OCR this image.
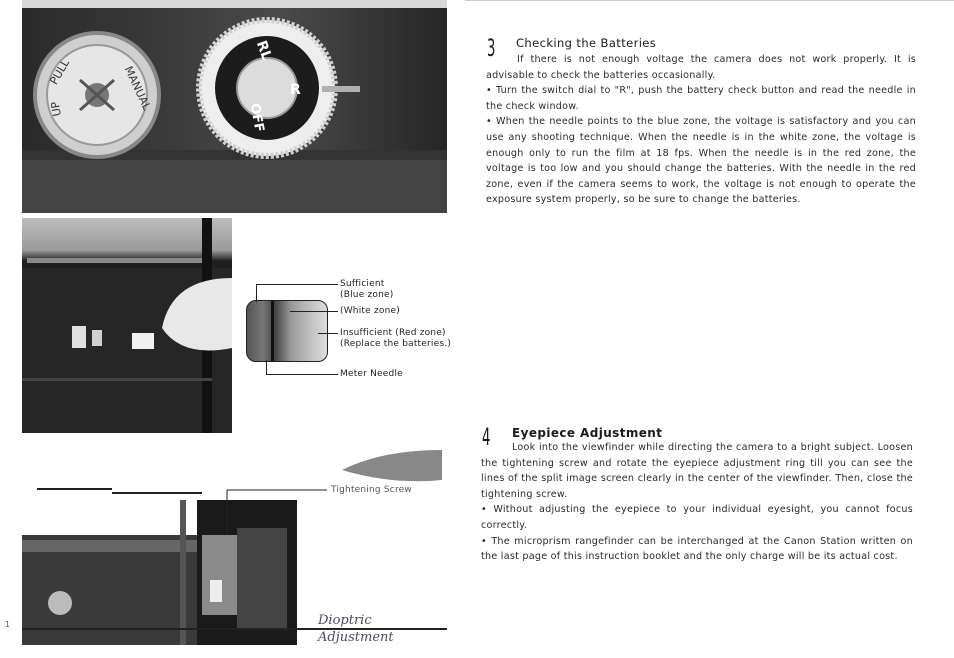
PULL
UP	MANUAL
RL
R
OFF
Sufficient
(Blue zone)
(White zone)
Insufficient (Red zone)
(Replace the batteries.)
Meter Needle
Tightening Screw
Dioptric
Adjustment
1
3 Checking the Batteries

If there is not enough voltage the camera does not work properly. It is advisable to check the batteries occasionally.

• Turn the switch dial to "R", push the battery check button and read the needle in the check window.

• When the needle points to the blue zone, the voltage is satisfactory and you can use any shooting technique. When the needle is in the white zone, the voltage is enough only to run the film at 18 fps. When the needle is in the red zone, the voltage is too low and you should change the batteries. With the needle in the red zone, even if the camera seems to work, the voltage is not enough to operate the exposure system properly, so be sure to change the batteries.

4 Eyepiece Adjustment

Look into the viewfinder while directing the camera to a bright subject. Loosen the tightening screw and rotate the eyepiece adjustment ring till you can see the lines of the split image screen clearly in the center of the viewfinder. Then, close the tightening screw.

• Without adjusting the eyepiece to your individual eyesight, you cannot focus correctly.

• The microprism rangefinder can be interchanged at the Canon Station written on the last page of this instruction booklet and the only charge will be its actual cost.
